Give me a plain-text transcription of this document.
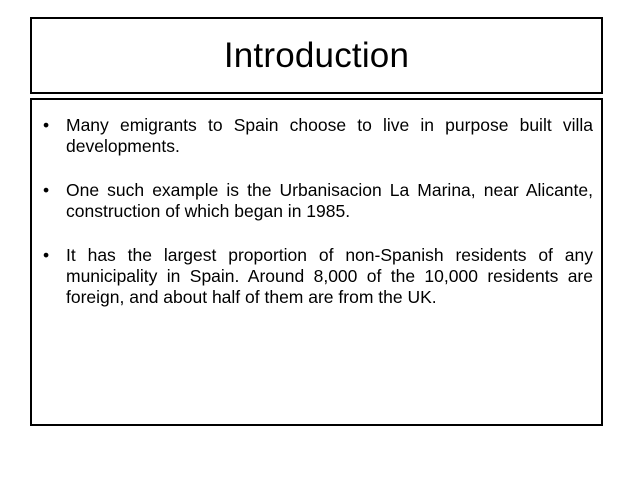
Introduction
• Many emigrants to Spain choose to live in purpose built villa developments.
• One such example is the Urbanisacion La Marina, near Alicante, construction of which began in 1985.
• It has the largest proportion of non-Spanish residents of any municipality in Spain. Around 8,000 of the 10,000 residents are foreign, and about half of them are from the UK.
